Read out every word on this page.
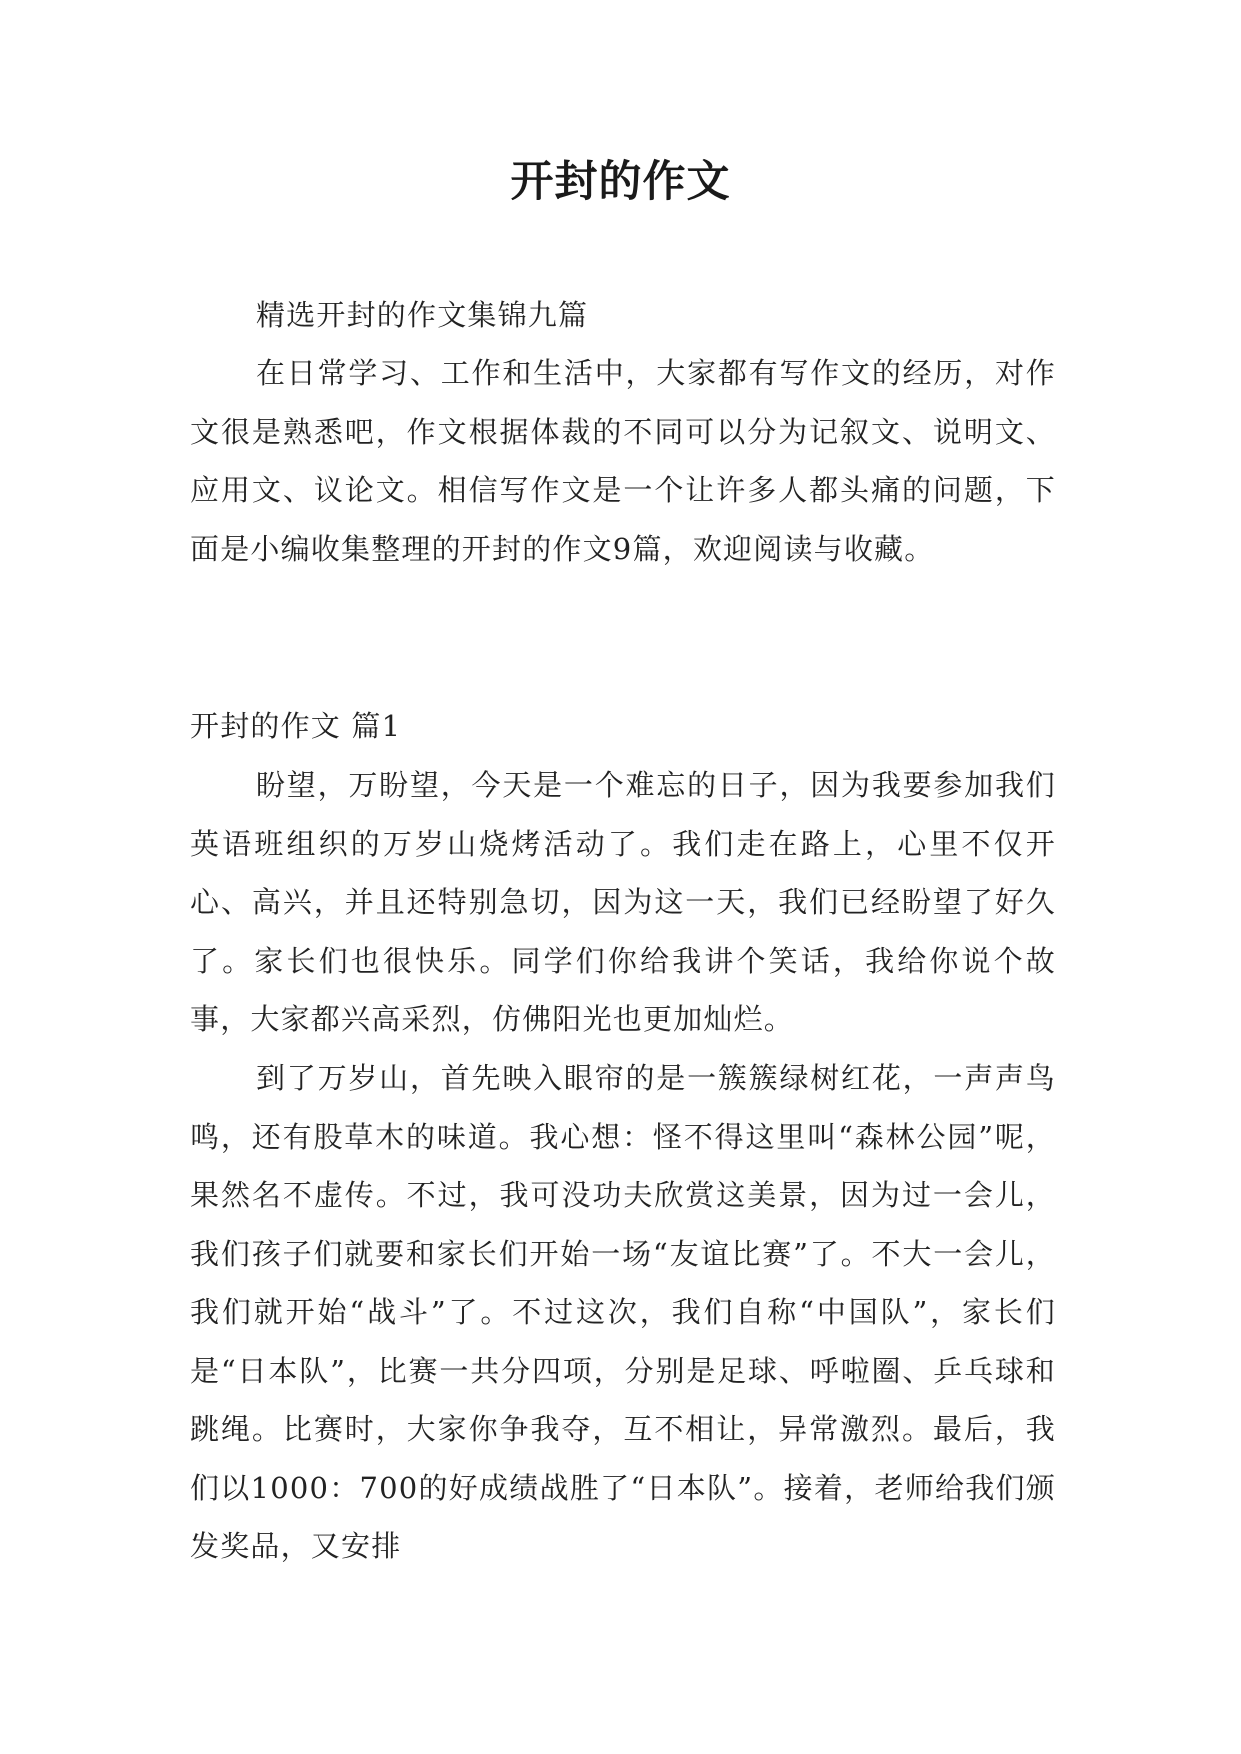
开封的作文

精选开封的作文集锦九篇

在日常学习、工作和生活中，大家都有写作文的经历，对作文很是熟悉吧，作文根据体裁的不同可以分为记叙文、说明文、应用文、议论文。相信写作文是一个让许多人都头痛的问题，下面是小编收集整理的开封的作文9篇，欢迎阅读与收藏。

开封的作文 篇1

盼望，万盼望，今天是一个难忘的日子，因为我要参加我们英语班组织的万岁山烧烤活动了。我们走在路上，心里不仅开心、高兴，并且还特别急切，因为这一天，我们已经盼望了好久了。家长们也很快乐。同学们你给我讲个笑话，我给你说个故事，大家都兴高采烈，仿佛阳光也更加灿烂。

到了万岁山，首先映入眼帘的是一簇簇绿树红花，一声声鸟鸣，还有股草木的味道。我心想：怪不得这里叫“森林公园”呢，果然名不虚传。不过，我可没功夫欣赏这美景，因为过一会儿，我们孩子们就要和家长们开始一场“友谊比赛”了。不大一会儿，我们就开始“战斗”了。不过这次，我们自称“中国队”，家长们是“日本队”，比赛一共分四项，分别是足球、呼啦圈、乒乓球和跳绳。比赛时，大家你争我夺，互不相让，异常激烈。最后，我们以1000：700的好成绩战胜了“日本队”。接着，老师给我们颁发奖品，又安排
